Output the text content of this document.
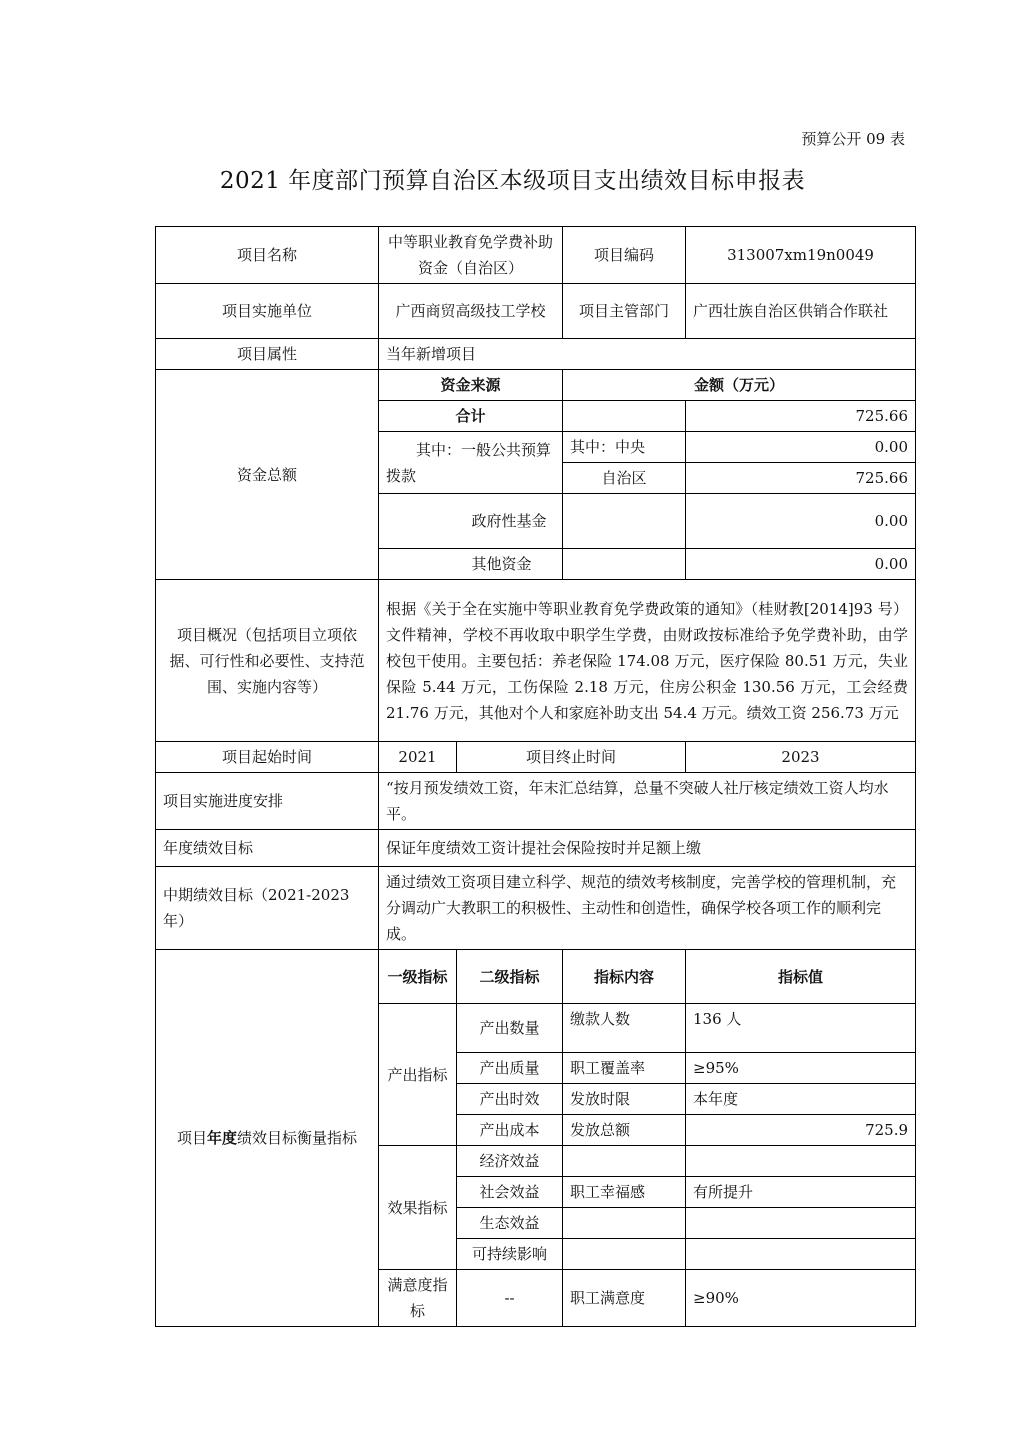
预算公开 09 表
2021 年度部门预算自治区本级项目支出绩效目标申报表
项目名称	中等职业教育免学费补助资金（自治区）		项目编码	313007xm19n0049
项目实施单位	广西商贸高级技工学校		项目主管部门	广西壮族自治区供销合作联社
项目属性	当年新增项目			
资金总额	资金来源		金额（万元）	
	合计			725.66
	其中：一般公共预算拨款		其中：中央	0.00
			自治区	725.66
	政府性基金			0.00
	其他资金			0.00
项目概况（包括项目立项依据、可行性和必要性、支持范围、实施内容等）	根据《关于全在实施中等职业教育免学费政策的通知》（桂财教[2014]93 号）文件精神，学校不再收取中职学生学费，由财政按标准给予免学费补助，由学校包干使用。主要包括：养老保险 174.08 万元，医疗保险 80.51 万元，失业保险 5.44 万元，工伤保险 2.18 万元，住房公积金 130.56 万元，工会经费 21.76 万元，其他对个人和家庭补助支出 54.4 万元。绩效工资 256.73 万元			
项目起始时间	2021	项目终止时间		2023
项目实施进度安排	“按月预发绩效工资，年末汇总结算，总量不突破人社厅核定绩效工资人均水平。			
年度绩效目标	保证年度绩效工资计提社会保险按时并足额上缴			
中期绩效目标（2021-2023 年）	通过绩效工资项目建立科学、规范的绩效考核制度，完善学校的管理机制，充分调动广大教职工的积极性、主动性和创造性，确保学校各项工作的顺利完成。			
项目年度绩效目标衡量指标	一级指标	二级指标	指标内容	指标值
	产出指标	产出数量	缴款人数	136 人
		产出质量	职工覆盖率	≥95%
		产出时效	发放时限	本年度
		产出成本	发放总额	725.9
	效果指标	经济效益		
		社会效益	职工幸福感	有所提升
		生态效益		
		可持续影响		
	满意度指标	--	职工满意度	≥90%
